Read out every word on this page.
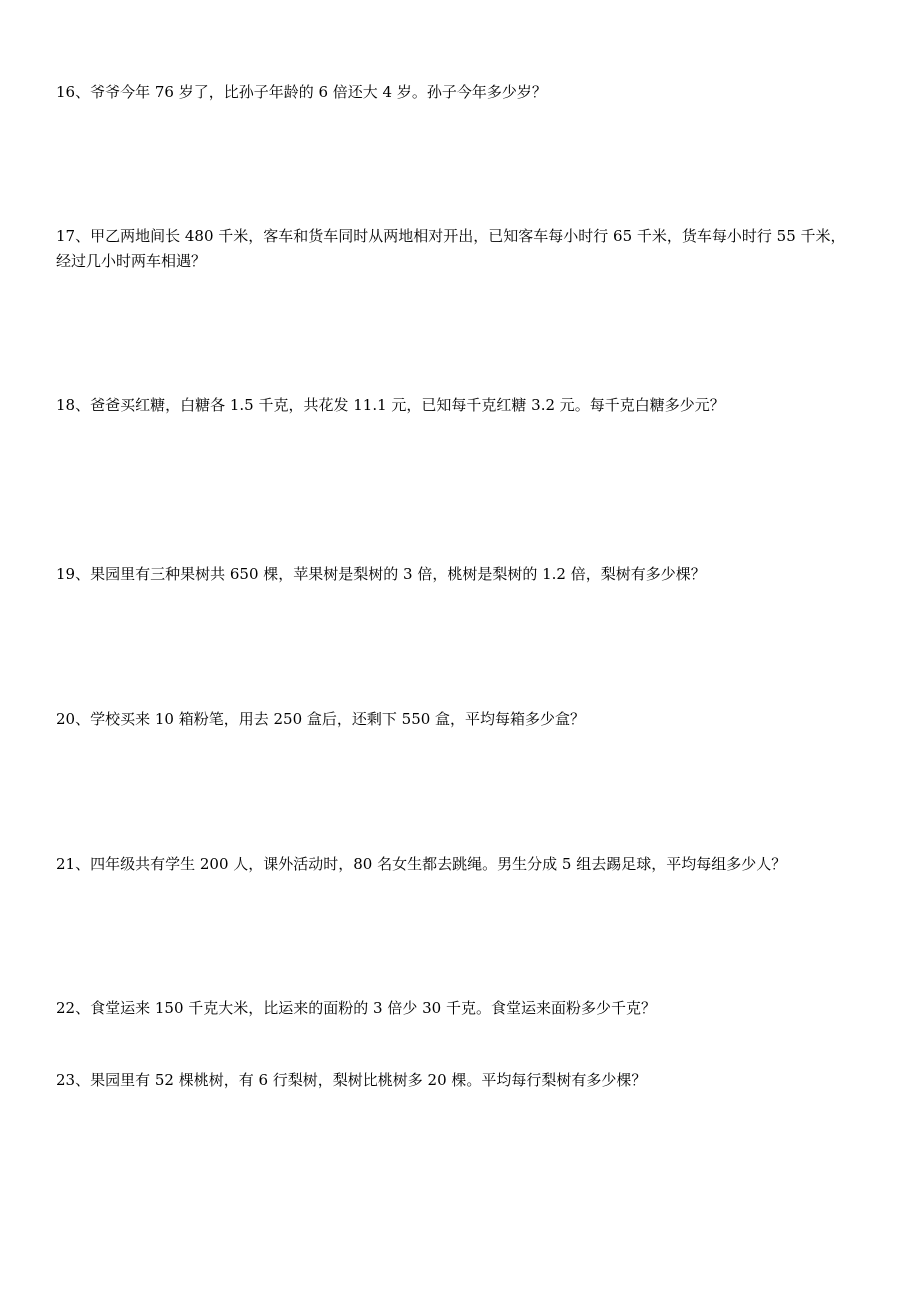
16、爷爷今年 76 岁了，比孙子年龄的 6 倍还大 4 岁。孙子今年多少岁？

17、甲乙两地间长 480 千米，客车和货车同时从两地相对开出，已知客车每小时行 65 千米，货车每小时行 55 千米，
经过几小时两车相遇？

18、爸爸买红糖，白糖各 1.5 千克，共花发 11.1 元，已知每千克红糖 3.2 元。每千克白糖多少元？

19、果园里有三种果树共 650 棵，苹果树是梨树的 3 倍，桃树是梨树的 1.2 倍，梨树有多少棵？

20、学校买来 10 箱粉笔，用去 250 盒后，还剩下 550 盒，平均每箱多少盒？

21、四年级共有学生 200 人，课外活动时，80 名女生都去跳绳。男生分成 5 组去踢足球，平均每组多少人？

22、食堂运来 150 千克大米，比运来的面粉的 3 倍少 30 千克。食堂运来面粉多少千克？

23、果园里有 52 棵桃树，有 6 行梨树，梨树比桃树多 20 棵。平均每行梨树有多少棵？
